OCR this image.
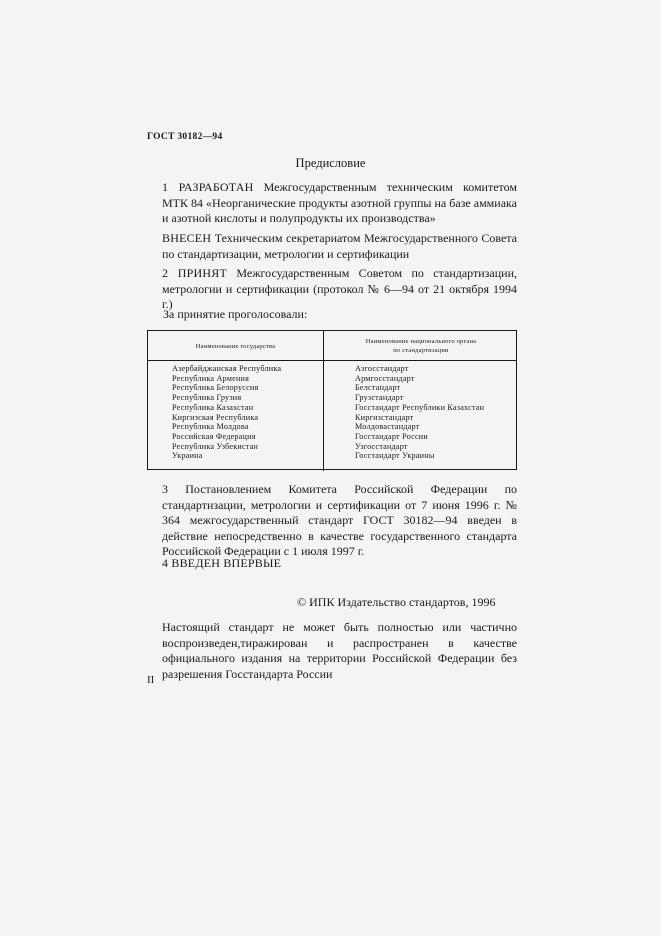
ГОСТ 30182—94
Предисловие
1 РАЗРАБОТАН Межгосударственным техническим комитетом МТК 84 «Неорганические продукты азотной группы на базе аммиака и азотной кислоты и полупродукты их производства»
ВНЕСЕН Техническим секретариатом Межгосударственного Совета по стандартизации, метрологии и сертификации
2 ПРИНЯТ Межгосударственным Советом по стандартизации, метрологии и сертификации (протокол № 6—94 от 21 октября 1994 г.)
За принятие проголосовали:
Наименование государства
Наименование национального органа
по стандартизации
Азербайджанская Республика
Республика Армения
Республика Белоруссия
Республика Грузия
Республика Казахстан
Киргизская Республика
Республика Молдова
Российская Федерация
Республика Узбекистан
Украина
Азгосстандарт
Армгосстандарт
Белстандарт
Грузстандарт
Госстандарт Республики Казахстан
Киргизстандарт
Молдовастандарт
Госстандарт России
Узгосстандарт
Госстандарт Украины
3 Постановлением Комитета Российской Федерации по стандартизации, метрологии и сертификации от 7 июня 1996 г. № 364 межгосударственный стандарт ГОСТ 30182—94 введен в действие непосредственно в качестве государственного стандарта Российской Федерации с 1 июля 1997 г.
4 ВВЕДЕН ВПЕРВЫЕ
© ИПК Издательство стандартов, 1996
Настоящий стандарт не может быть полностью или частично воспроизведен,тиражирован и распространен в качестве официального издания на территории Российской Федерации без разрешения Госстандарта России
II
